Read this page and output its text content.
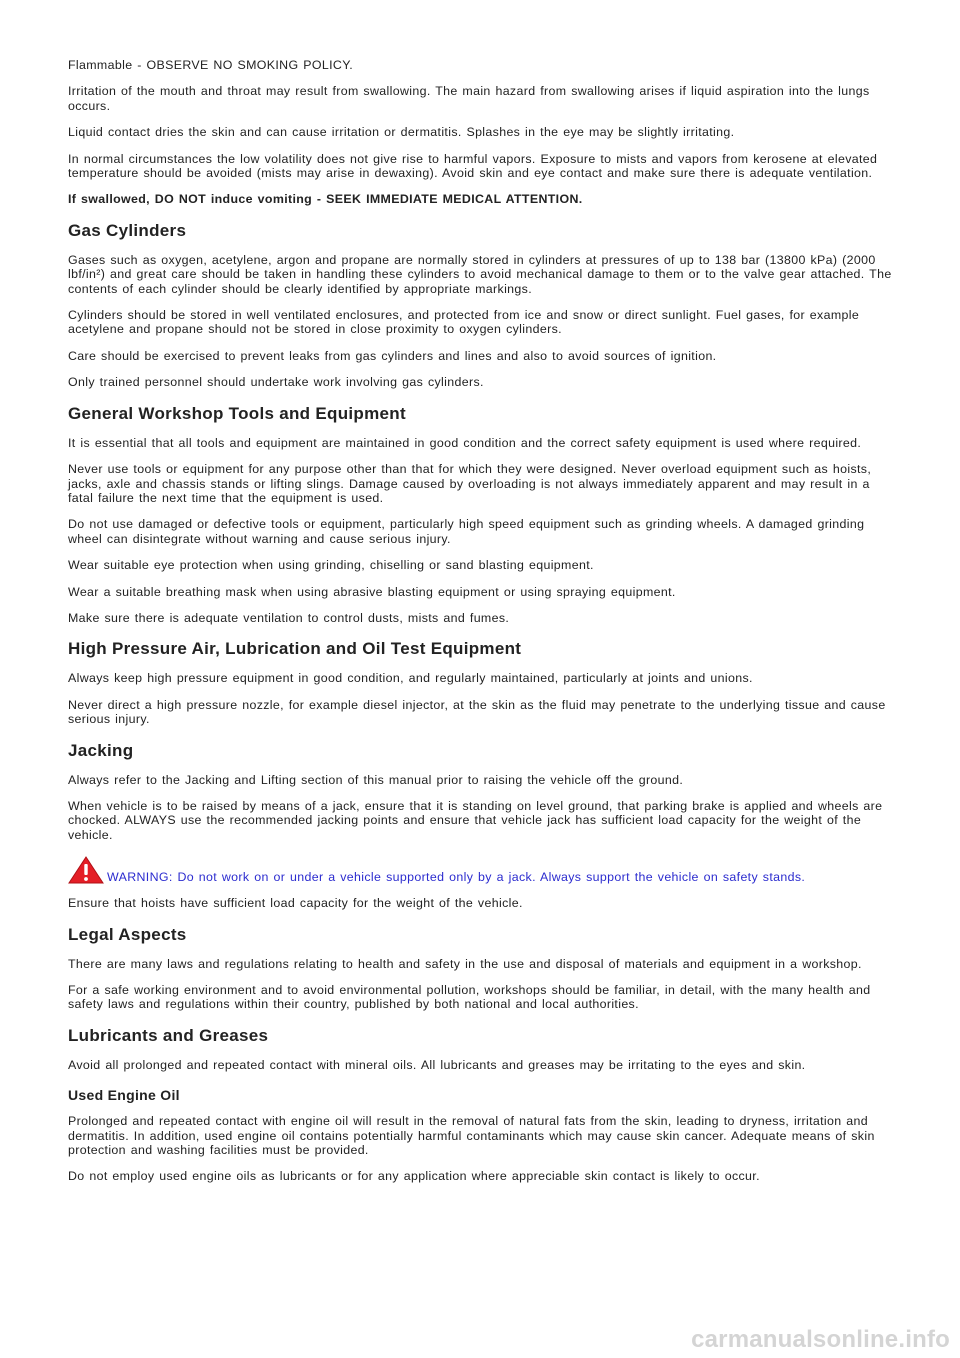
Flammable - OBSERVE NO SMOKING POLICY.

Irritation of the mouth and throat may result from swallowing. The main hazard from swallowing arises if liquid aspiration into the lungs occurs.

Liquid contact dries the skin and can cause irritation or dermatitis. Splashes in the eye may be slightly irritating.

In normal circumstances the low volatility does not give rise to harmful vapors. Exposure to mists and vapors from kerosene at elevated temperature should be avoided (mists may arise in dewaxing). Avoid skin and eye contact and make sure there is adequate ventilation.

If swallowed, DO NOT induce vomiting - SEEK IMMEDIATE MEDICAL ATTENTION.

Gas Cylinders

Gases such as oxygen, acetylene, argon and propane are normally stored in cylinders at pressures of up to 138 bar (13800 kPa) (2000 lbf/in²) and great care should be taken in handling these cylinders to avoid mechanical damage to them or to the valve gear attached. The contents of each cylinder should be clearly identified by appropriate markings.

Cylinders should be stored in well ventilated enclosures, and protected from ice and snow or direct sunlight. Fuel gases, for example acetylene and propane should not be stored in close proximity to oxygen cylinders.

Care should be exercised to prevent leaks from gas cylinders and lines and also to avoid sources of ignition.

Only trained personnel should undertake work involving gas cylinders.

General Workshop Tools and Equipment

It is essential that all tools and equipment are maintained in good condition and the correct safety equipment is used where required.

Never use tools or equipment for any purpose other than that for which they were designed. Never overload equipment such as hoists, jacks, axle and chassis stands or lifting slings. Damage caused by overloading is not always immediately apparent and may result in a fatal failure the next time that the equipment is used.

Do not use damaged or defective tools or equipment, particularly high speed equipment such as grinding wheels. A damaged grinding wheel can disintegrate without warning and cause serious injury.

Wear suitable eye protection when using grinding, chiselling or sand blasting equipment.

Wear a suitable breathing mask when using abrasive blasting equipment or using spraying equipment.

Make sure there is adequate ventilation to control dusts, mists and fumes.

High Pressure Air, Lubrication and Oil Test Equipment

Always keep high pressure equipment in good condition, and regularly maintained, particularly at joints and unions.

Never direct a high pressure nozzle, for example diesel injector, at the skin as the fluid may penetrate to the underlying tissue and cause serious injury.

Jacking

Always refer to the Jacking and Lifting section of this manual prior to raising the vehicle off the ground.

When vehicle is to be raised by means of a jack, ensure that it is standing on level ground, that parking brake is applied and wheels are chocked. ALWAYS use the recommended jacking points and ensure that vehicle jack has sufficient load capacity for the weight of the vehicle.

WARNING: Do not work on or under a vehicle supported only by a jack. Always support the vehicle on safety stands.

Ensure that hoists have sufficient load capacity for the weight of the vehicle.

Legal Aspects

There are many laws and regulations relating to health and safety in the use and disposal of materials and equipment in a workshop.

For a safe working environment and to avoid environmental pollution, workshops should be familiar, in detail, with the many health and safety laws and regulations within their country, published by both national and local authorities.

Lubricants and Greases

Avoid all prolonged and repeated contact with mineral oils. All lubricants and greases may be irritating to the eyes and skin.

Used Engine Oil

Prolonged and repeated contact with engine oil will result in the removal of natural fats from the skin, leading to dryness, irritation and dermatitis. In addition, used engine oil contains potentially harmful contaminants which may cause skin cancer. Adequate means of skin protection and washing facilities must be provided.

Do not employ used engine oils as lubricants or for any application where appreciable skin contact is likely to occur.

carmanualsonline.info
